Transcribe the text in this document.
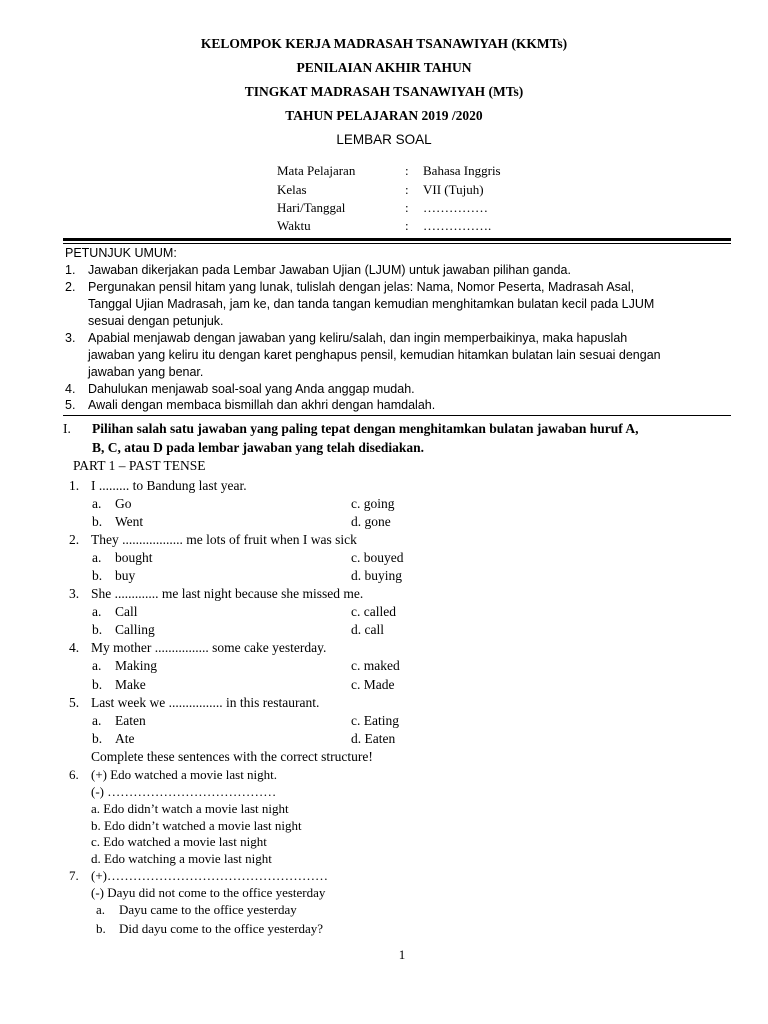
KELOMPOK KERJA MADRASAH TSANAWIYAH (KKMTs)
PENILAIAN AKHIR TAHUN
TINGKAT MADRASAH TSANAWIYAH (MTs)
TAHUN PELAJARAN 2019 /2020
LEMBAR SOAL
Mata Pelajaran	: Bahasa Inggris
Kelas	: VII (Tujuh)
Hari/Tanggal	: ……………
Waktu	: …………….
PETUNJUK UMUM:
1. Jawaban dikerjakan pada Lembar Jawaban Ujian (LJUM) untuk jawaban pilihan ganda.
2. Pergunakan pensil hitam yang lunak, tulislah dengan jelas: Nama, Nomor Peserta, Madrasah Asal,
Tanggal Ujian Madrasah, jam ke, dan tanda tangan kemudian menghitamkan bulatan kecil pada LJUM
sesuai dengan petunjuk.
3. Apabial menjawab dengan jawaban yang keliru/salah, dan ingin memperbaikinya, maka hapuslah
jawaban yang keliru itu dengan karet penghapus pensil, kemudian hitamkan bulatan lain sesuai dengan
jawaban yang benar.
4. Dahulukan menjawab soal-soal yang Anda anggap mudah.
5. Awali dengan membaca bismillah dan akhri dengan hamdalah.
I. Pilihan salah satu jawaban yang paling tepat dengan menghitamkan bulatan jawaban huruf A,
B, C, atau D pada lembar jawaban yang telah disediakan.
PART 1 – PAST TENSE
1. I ......... to Bandung last year.
a. Go	c. going
b. Went	d. gone
2. They .................. me lots of fruit when I was sick
a. bought	c. bouyed
b. buy	d. buying
3. She ............. me last night because she missed me.
a. Call	c. called
b. Calling	d. call
4. My mother ................ some cake yesterday.
a. Making	c. maked
b. Make	c. Made
5. Last week we ................ in this restaurant.
a. Eaten	c. Eating
b. Ate	d. Eaten
Complete these sentences with the correct structure!
6. (+) Edo watched a movie last night.
(-) …………………………………
a. Edo didn’t watch a movie last night
b. Edo didn’t watched a movie last night
c. Edo watched a movie last night
d. Edo watching a movie last night
7. (+)……………………………………………
(-) Dayu did not come to the office yesterday
a. Dayu came to the office yesterday
b. Did dayu come to the office yesterday?
1
